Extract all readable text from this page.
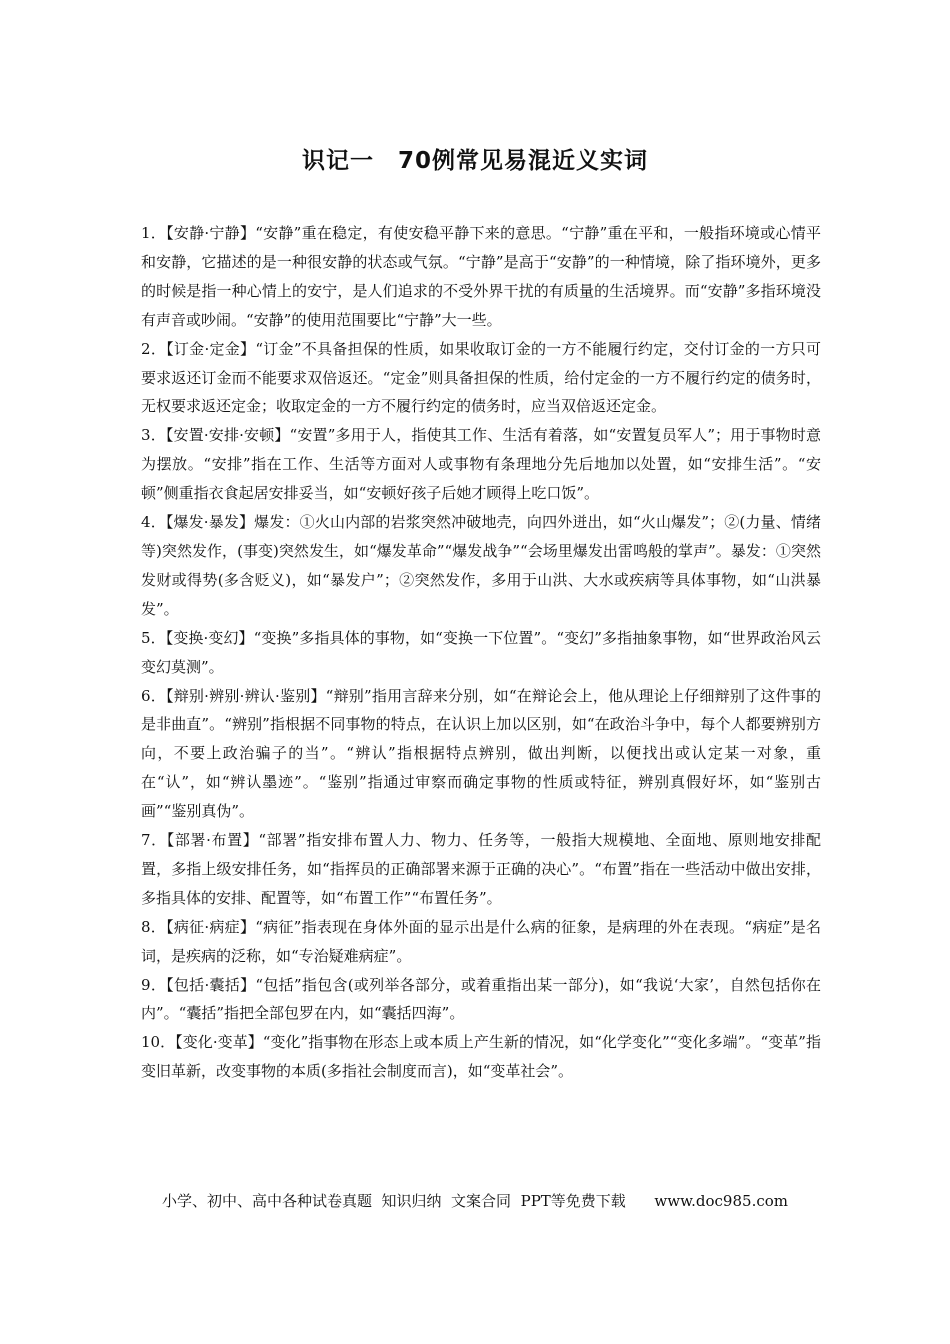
识记一　70例常见易混近义实词

1．【安静·宁静】“安静”重在稳定，有使安稳平静下来的意思。“宁静”重在平和，一般指环境或心情平和安静，它描述的是一种很安静的状态或气氛。“宁静”是高于“安静”的一种情境，除了指环境外，更多的时候是指一种心情上的安宁，是人们追求的不受外界干扰的有质量的生活境界。而“安静”多指环境没有声音或吵闹。“安静”的使用范围要比“宁静”大一些。

2．【订金·定金】“订金”不具备担保的性质，如果收取订金的一方不能履行约定，交付订金的一方只可要求返还订金而不能要求双倍返还。“定金”则具备担保的性质，给付定金的一方不履行约定的债务时，无权要求返还定金；收取定金的一方不履行约定的债务时，应当双倍返还定金。

3．【安置·安排·安顿】“安置”多用于人，指使其工作、生活有着落，如“安置复员军人”；用于事物时意为摆放。“安排”指在工作、生活等方面对人或事物有条理地分先后地加以处置，如“安排生活”。“安顿”侧重指衣食起居安排妥当，如“安顿好孩子后她才顾得上吃口饭”。

4．【爆发·暴发】爆发：①火山内部的岩浆突然冲破地壳，向四外迸出，如“火山爆发”；②(力量、情绪等)突然发作，(事变)突然发生，如“爆发革命”“爆发战争”“会场里爆发出雷鸣般的掌声”。暴发：①突然发财或得势(多含贬义)，如“暴发户”；②突然发作，多用于山洪、大水或疾病等具体事物，如“山洪暴发”。

5．【变换·变幻】“变换”多指具体的事物，如“变换一下位置”。“变幻”多指抽象事物，如“世界政治风云变幻莫测”。

6．【辩别·辨别·辨认·鉴别】“辩别”指用言辞来分别，如“在辩论会上，他从理论上仔细辩别了这件事的是非曲直”。“辨别”指根据不同事物的特点，在认识上加以区别，如“在政治斗争中，每个人都要辨别方向，不要上政治骗子的当”。“辨认”指根据特点辨别，做出判断，以便找出或认定某一对象，重在“认”，如“辨认墨迹”。“鉴别”指通过审察而确定事物的性质或特征，辨别真假好坏，如“鉴别古画”“鉴别真伪”。

7．【部署·布置】“部署”指安排布置人力、物力、任务等，一般指大规模地、全面地、原则地安排配置，多指上级安排任务，如“指挥员的正确部署来源于正确的决心”。“布置”指在一些活动中做出安排，多指具体的安排、配置等，如“布置工作”“布置任务”。

8．【病征·病症】“病征”指表现在身体外面的显示出是什么病的征象，是病理的外在表现。“病症”是名词，是疾病的泛称，如“专治疑难病症”。

9．【包括·囊括】“包括”指包含(或列举各部分，或着重指出某一部分)，如“我说‘大家’，自然包括你在内”。“囊括”指把全部包罗在内，如“囊括四海”。

10．【变化·变革】“变化”指事物在形态上或本质上产生新的情况，如“化学变化”“变化多端”。“变革”指变旧革新，改变事物的本质(多指社会制度而言)，如“变革社会”。

小学、初中、高中各种试卷真题  知识归纳  文案合同  PPT等免费下载      www.doc985.com
